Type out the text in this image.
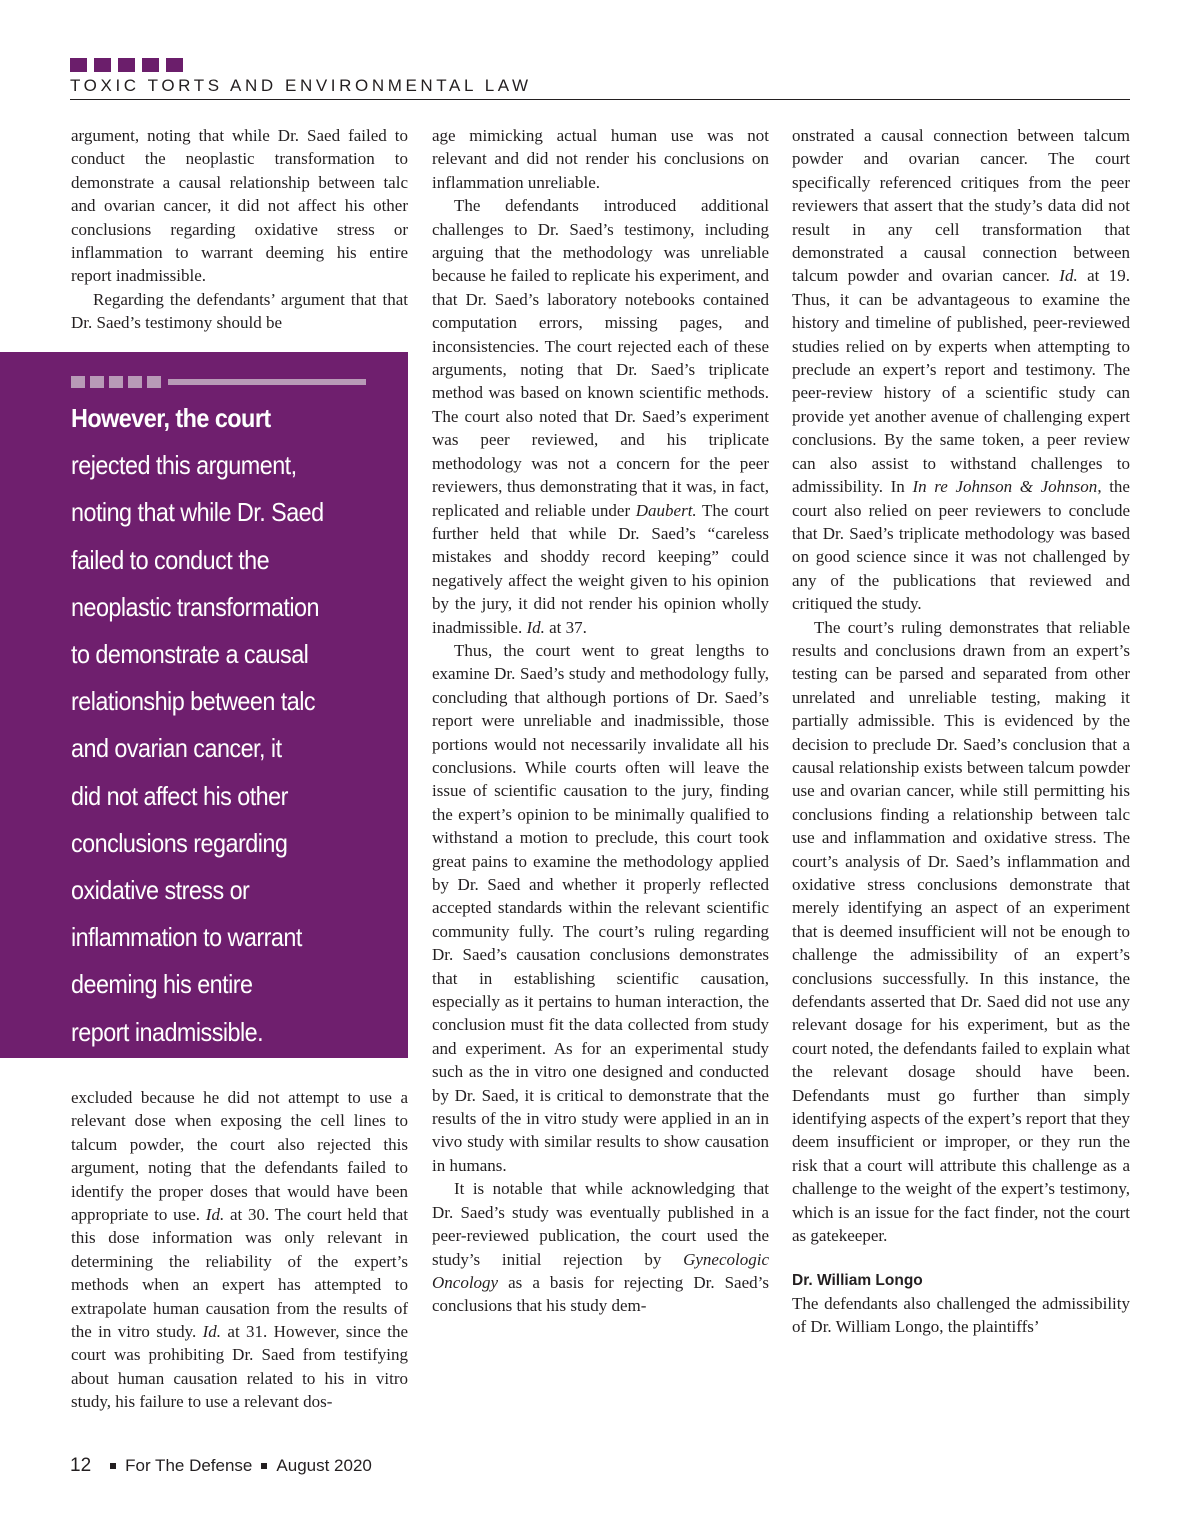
TOXIC TORTS AND ENVIRONMENTAL LAW

argument, noting that while Dr. Saed failed to conduct the neoplastic transformation to demonstrate a causal relationship between talc and ovarian cancer, it did not affect his other conclusions regarding oxidative stress or inflammation to warrant deeming his entire report inadmissible.

Regarding the defendants’ argument that that Dr. Saed’s testimony should be

However, the court
rejected this argument,
noting that while Dr. Saed
failed to conduct the
neoplastic transformation
to demonstrate a causal
relationship between talc
and ovarian cancer, it
did not affect his other
conclusions regarding
oxidative stress or
inflammation to warrant
deeming his entire
report inadmissible.

excluded because he did not attempt to use a relevant dose when exposing the cell lines to talcum powder, the court also rejected this argument, noting that the defendants failed to identify the proper doses that would have been appropriate to use. Id. at 30. The court held that this dose information was only relevant in determining the reliability of the expert’s methods when an expert has attempted to extrapolate human causation from the results of the in vitro study. Id. at 31. However, since the court was prohibiting Dr. Saed from testifying about human causation related to his in vitro study, his failure to use a relevant dos-

age mimicking actual human use was not relevant and did not render his conclusions on inflammation unreliable.

The defendants introduced additional challenges to Dr. Saed’s testimony, including arguing that the methodology was unreliable because he failed to replicate his experiment, and that Dr. Saed’s laboratory notebooks contained computation errors, missing pages, and inconsistencies. The court rejected each of these arguments, noting that Dr. Saed’s triplicate method was based on known scientific methods. The court also noted that Dr. Saed’s experiment was peer reviewed, and his triplicate methodology was not a concern for the peer reviewers, thus demonstrating that it was, in fact, replicated and reliable under Daubert. The court further held that while Dr. Saed’s “careless mistakes and shoddy record keeping” could negatively affect the weight given to his opinion by the jury, it did not render his opinion wholly inadmissible. Id. at 37.

Thus, the court went to great lengths to examine Dr. Saed’s study and methodology fully, concluding that although portions of Dr. Saed’s report were unreliable and inadmissible, those portions would not necessarily invalidate all his conclusions. While courts often will leave the issue of scientific causation to the jury, finding the expert’s opinion to be minimally qualified to withstand a motion to preclude, this court took great pains to examine the methodology applied by Dr. Saed and whether it properly reflected accepted standards within the relevant scientific community fully. The court’s ruling regarding Dr. Saed’s causation conclusions demonstrates that in establishing scientific causation, especially as it pertains to human interaction, the conclusion must fit the data collected from study and experiment. As for an experimental study such as the in vitro one designed and conducted by Dr. Saed, it is critical to demonstrate that the results of the in vitro study were applied in an in vivo study with similar results to show causation in humans.

It is notable that while acknowledging that Dr. Saed’s study was eventually published in a peer-reviewed publication, the court used the study’s initial rejection by Gynecologic Oncology as a basis for rejecting Dr. Saed’s conclusions that his study dem-

onstrated a causal connection between talcum powder and ovarian cancer. The court specifically referenced critiques from the peer reviewers that assert that the study’s data did not result in any cell transformation that demonstrated a causal connection between talcum powder and ovarian cancer. Id. at 19. Thus, it can be advantageous to examine the history and timeline of published, peer-reviewed studies relied on by experts when attempting to preclude an expert’s report and testimony. The peer-review history of a scientific study can provide yet another avenue of challenging expert conclusions. By the same token, a peer review can also assist to withstand challenges to admissibility. In In re Johnson & Johnson, the court also relied on peer reviewers to conclude that Dr. Saed’s triplicate methodology was based on good science since it was not challenged by any of the publications that reviewed and critiqued the study.

The court’s ruling demonstrates that reliable results and conclusions drawn from an expert’s testing can be parsed and separated from other unrelated and unreliable testing, making it partially admissible. This is evidenced by the decision to preclude Dr. Saed’s conclusion that a causal relationship exists between talcum powder use and ovarian cancer, while still permitting his conclusions finding a relationship between talc use and inflammation and oxidative stress. The court’s analysis of Dr. Saed’s inflammation and oxidative stress conclusions demonstrate that merely identifying an aspect of an experiment that is deemed insufficient will not be enough to challenge the admissibility of an expert’s conclusions successfully. In this instance, the defendants asserted that Dr. Saed did not use any relevant dosage for his experiment, but as the court noted, the defendants failed to explain what the relevant dosage should have been. Defendants must go further than simply identifying aspects of the expert’s report that they deem insufficient or improper, or they run the risk that a court will attribute this challenge as a challenge to the weight of the expert’s testimony, which is an issue for the fact finder, not the court as gatekeeper.

Dr. William Longo

The defendants also challenged the admissibility of Dr. William Longo, the plaintiffs’

12 For The Defense August 2020
